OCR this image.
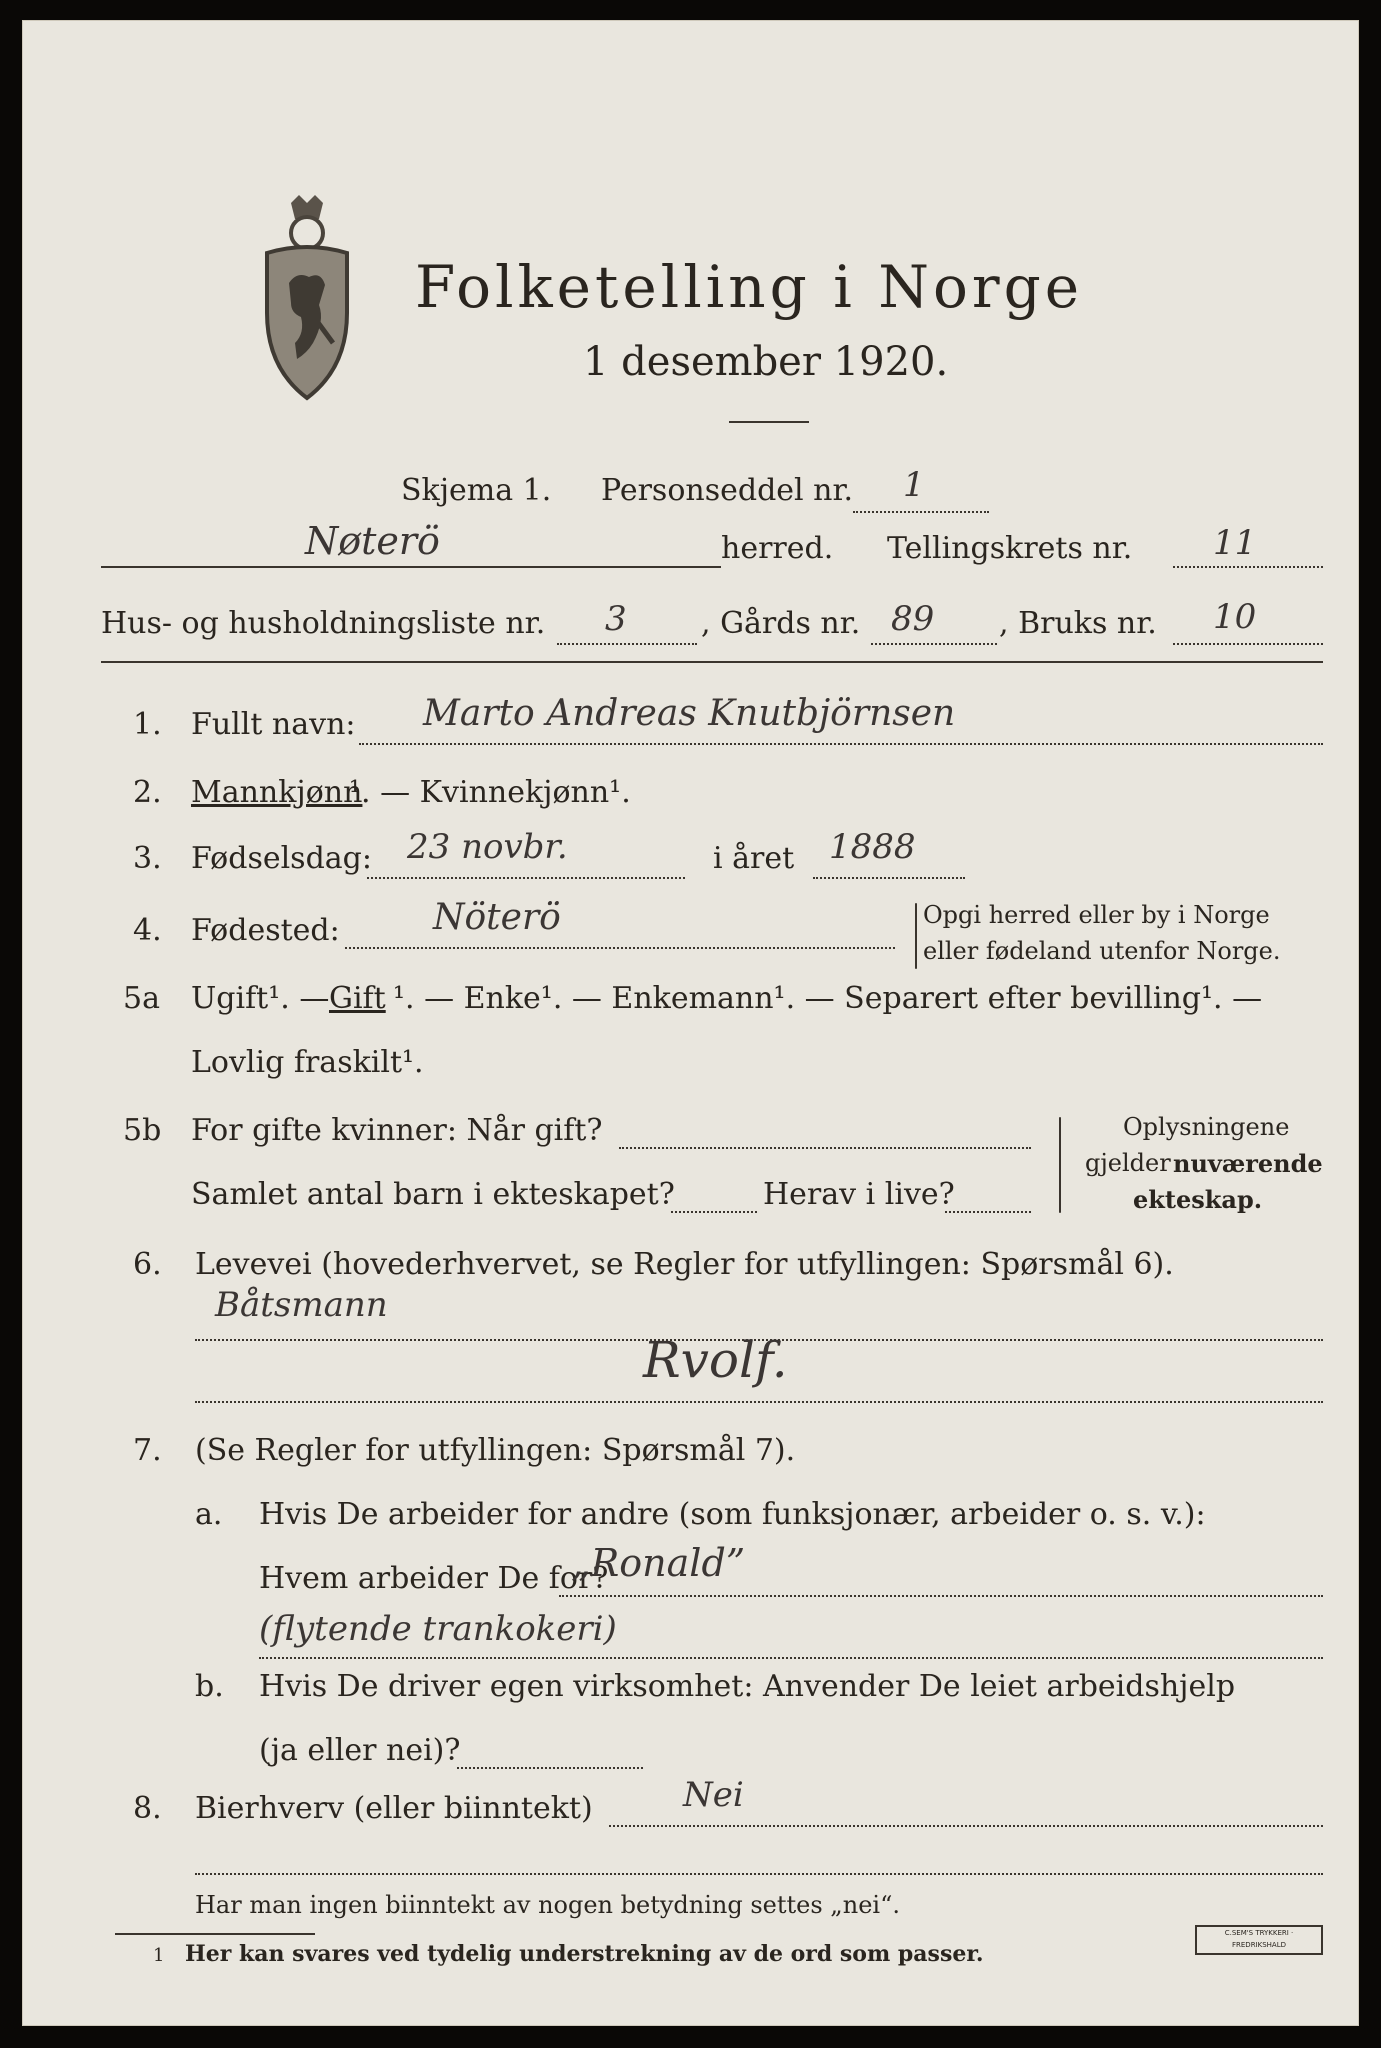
Folketelling i Norge
1 desember 1920.
Skjema 1. Personseddel nr. 1
Nøterö	herred. Tellingskrets nr. 11
Hus- og husholdningsliste nr. 3 , Gårds nr. 89 , Bruks nr. 10
1. Fullt navn: Marto Andreas Knutbjörnsen
2. Mannkjønn
¹. — Kvinnekjønn¹.
3. Fødselsdag: 23 novbr.	i året 1888
4. Fødested:	Nöterö	Opgi herred eller by i Norge
eller fødeland utenfor Norge.
5a Ugift¹. — Gift ¹. — Enke¹. — Enkemann¹. — Separert efter bevilling¹. —
Lovlig fraskilt¹.
5b For gifte kvinner: Når gift?
Samlet antal barn i ekteskapet?	Herav i live?
Oplysningene
gjelder nuværende
ekteskap.
6. Levevei (hovederhvervet, se Regler for utfyllingen: Spørsmål 6).
Båtsmann
Rvolf.
7. (Se Regler for utfyllingen: Spørsmål 7).
a. Hvis De arbeider for andre (som funksjonær, arbeider o. s. v.):
Hvem arbeider De for?
„Ronald”
(flytende trankokeri)
b. Hvis De driver egen virksomhet: Anvender De leiet arbeidshjelp
(ja eller nei)?
8. Bierhverv (eller biinntekt)	Nei
Har man ingen biinntekt av nogen betydning settes „nei“.
1 Her kan svares ved tydelig understrekning av de ord som passer.
C.SEM'S TRYKKERI · FREDRIKSHALD
